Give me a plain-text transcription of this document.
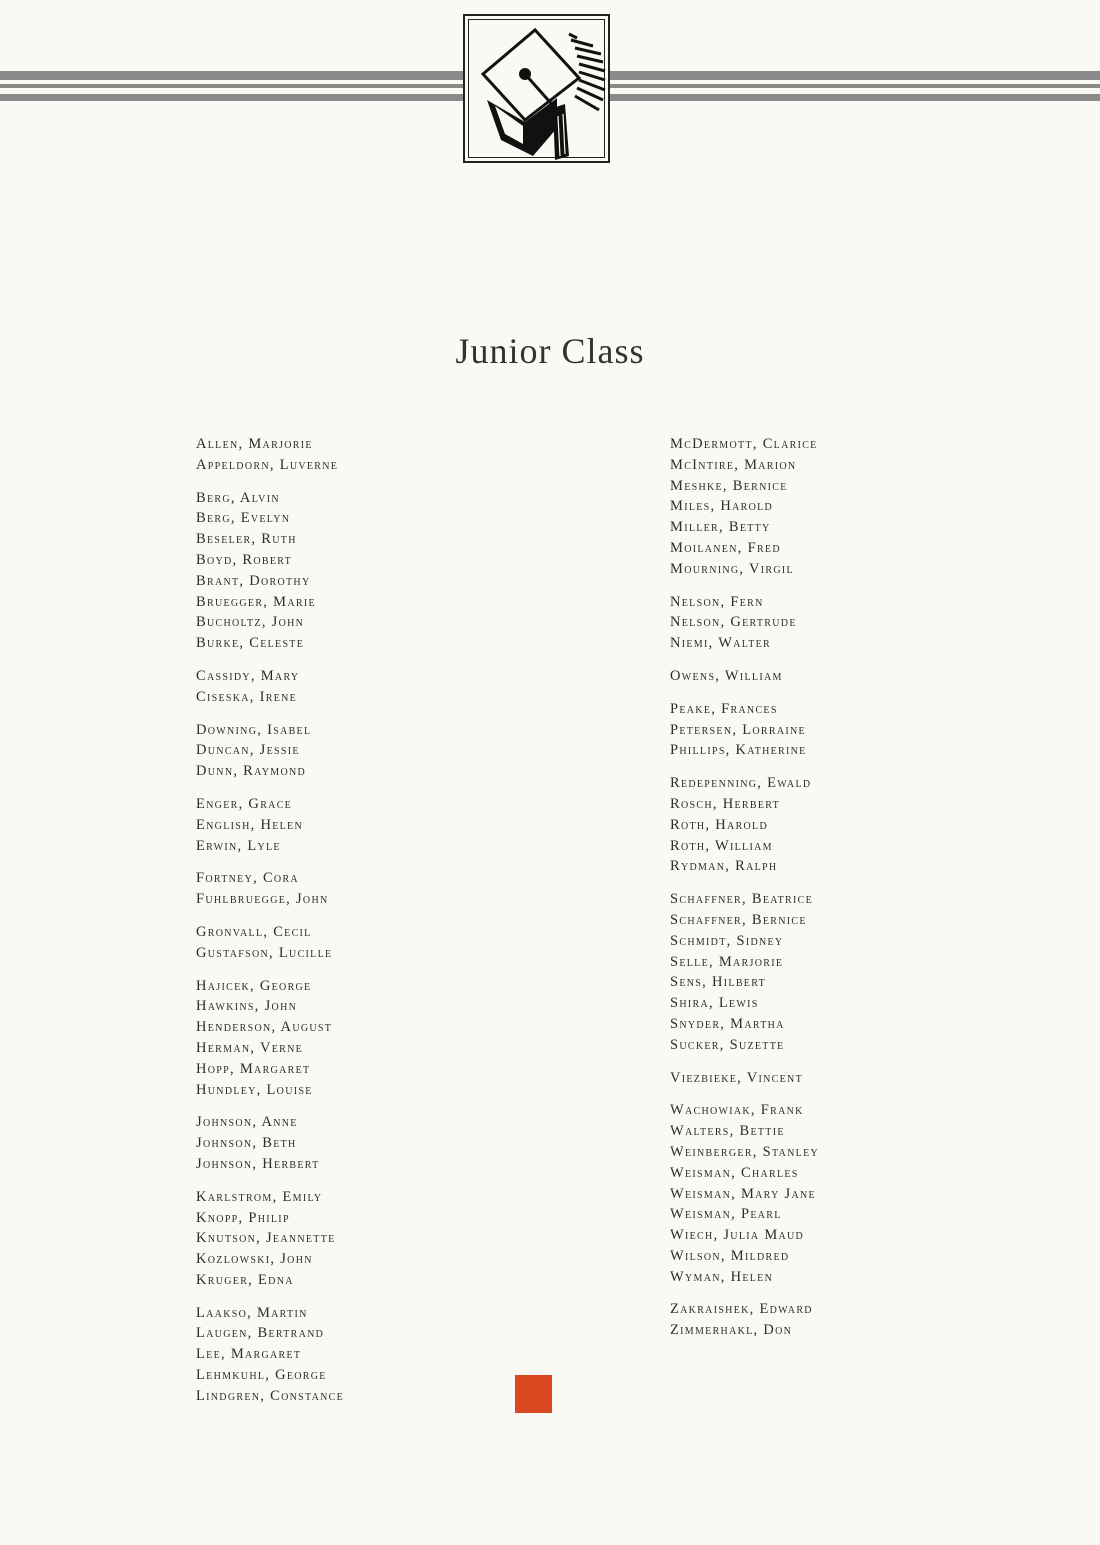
Junior Class
Allen, Marjorie
Appeldorn, Luverne
Berg, Alvin
Berg, Evelyn
Beseler, Ruth
Boyd, Robert
Brant, Dorothy
Bruegger, Marie
Bucholtz, John
Burke, Celeste
Cassidy, Mary
Ciseska, Irene
Downing, Isabel
Duncan, Jessie
Dunn, Raymond
Enger, Grace
English, Helen
Erwin, Lyle
Fortney, Cora
Fuhlbruegge, John
Gronvall, Cecil
Gustafson, Lucille
Hajicek, George
Hawkins, John
Henderson, August
Herman, Verne
Hopp, Margaret
Hundley, Louise
Johnson, Anne
Johnson, Beth
Johnson, Herbert
Karlstrom, Emily
Knopp, Philip
Knutson, Jeannette
Kozlowski, John
Kruger, Edna
Laakso, Martin
Laugen, Bertrand
Lee, Margaret
Lehmkuhl, George
Lindgren, Constance
McDermott, Clarice
McIntire, Marion
Meshke, Bernice
Miles, Harold
Miller, Betty
Moilanen, Fred
Mourning, Virgil
Nelson, Fern
Nelson, Gertrude
Niemi, Walter
Owens, William
Peake, Frances
Petersen, Lorraine
Phillips, Katherine
Redepenning, Ewald
Rosch, Herbert
Roth, Harold
Roth, William
Rydman, Ralph
Schaffner, Beatrice
Schaffner, Bernice
Schmidt, Sidney
Selle, Marjorie
Sens, Hilbert
Shira, Lewis
Snyder, Martha
Sucker, Suzette
Viezbieke, Vincent
Wachowiak, Frank
Walters, Bettie
Weinberger, Stanley
Weisman, Charles
Weisman, Mary Jane
Weisman, Pearl
Wiech, Julia Maud
Wilson, Mildred
Wyman, Helen
Zakraishek, Edward
Zimmerhakl, Don
